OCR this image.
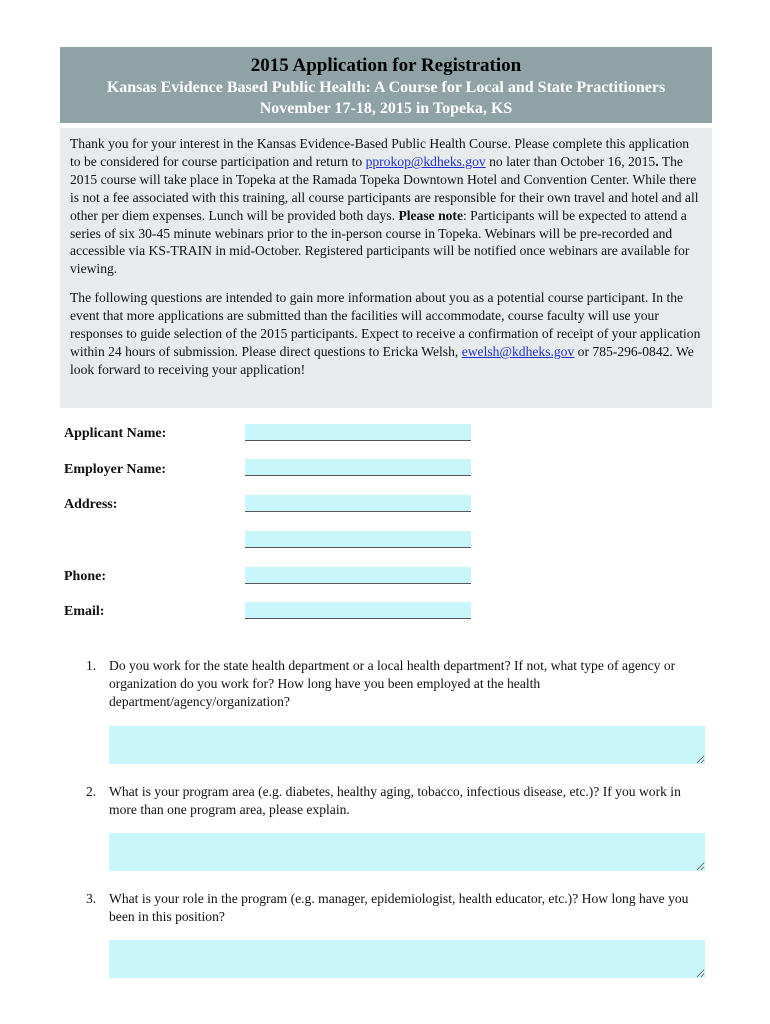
2015 Application for Registration
Kansas Evidence Based Public Health: A Course for Local and State Practitioners
November 17-18, 2015 in Topeka, KS

Thank you for your interest in the Kansas Evidence-Based Public Health Course. Please complete this application to be considered for course participation and return to pprokop@kdheks.gov no later than October 16, 2015. The 2015 course will take place in Topeka at the Ramada Topeka Downtown Hotel and Convention Center. While there is not a fee associated with this training, all course participants are responsible for their own travel and hotel and all other per diem expenses. Lunch will be provided both days. Please note: Participants will be expected to attend a series of six 30-45 minute webinars prior to the in-person course in Topeka. Webinars will be pre-recorded and accessible via KS-TRAIN in mid-October. Registered participants will be notified once webinars are available for viewing.

The following questions are intended to gain more information about you as a potential course participant. In the event that more applications are submitted than the facilities will accommodate, course faculty will use your responses to guide selection of the 2015 participants. Expect to receive a confirmation of receipt of your application within 24 hours of submission. Please direct questions to Ericka Welsh, ewelsh@kdheks.gov or 785-296-0842. We look forward to receiving your application!

Applicant Name:
Employer Name:
Address:
Phone:
Email:
1. Do you work for the state health department or a local health department? If not, what type of agency or organization do you work for? How long have you been employed at the health department/agency/organization?
2. What is your program area (e.g. diabetes, healthy aging, tobacco, infectious disease, etc.)? If you work in more than one program area, please explain.
3. What is your role in the program (e.g. manager, epidemiologist, health educator, etc.)? How long have you been in this position?
